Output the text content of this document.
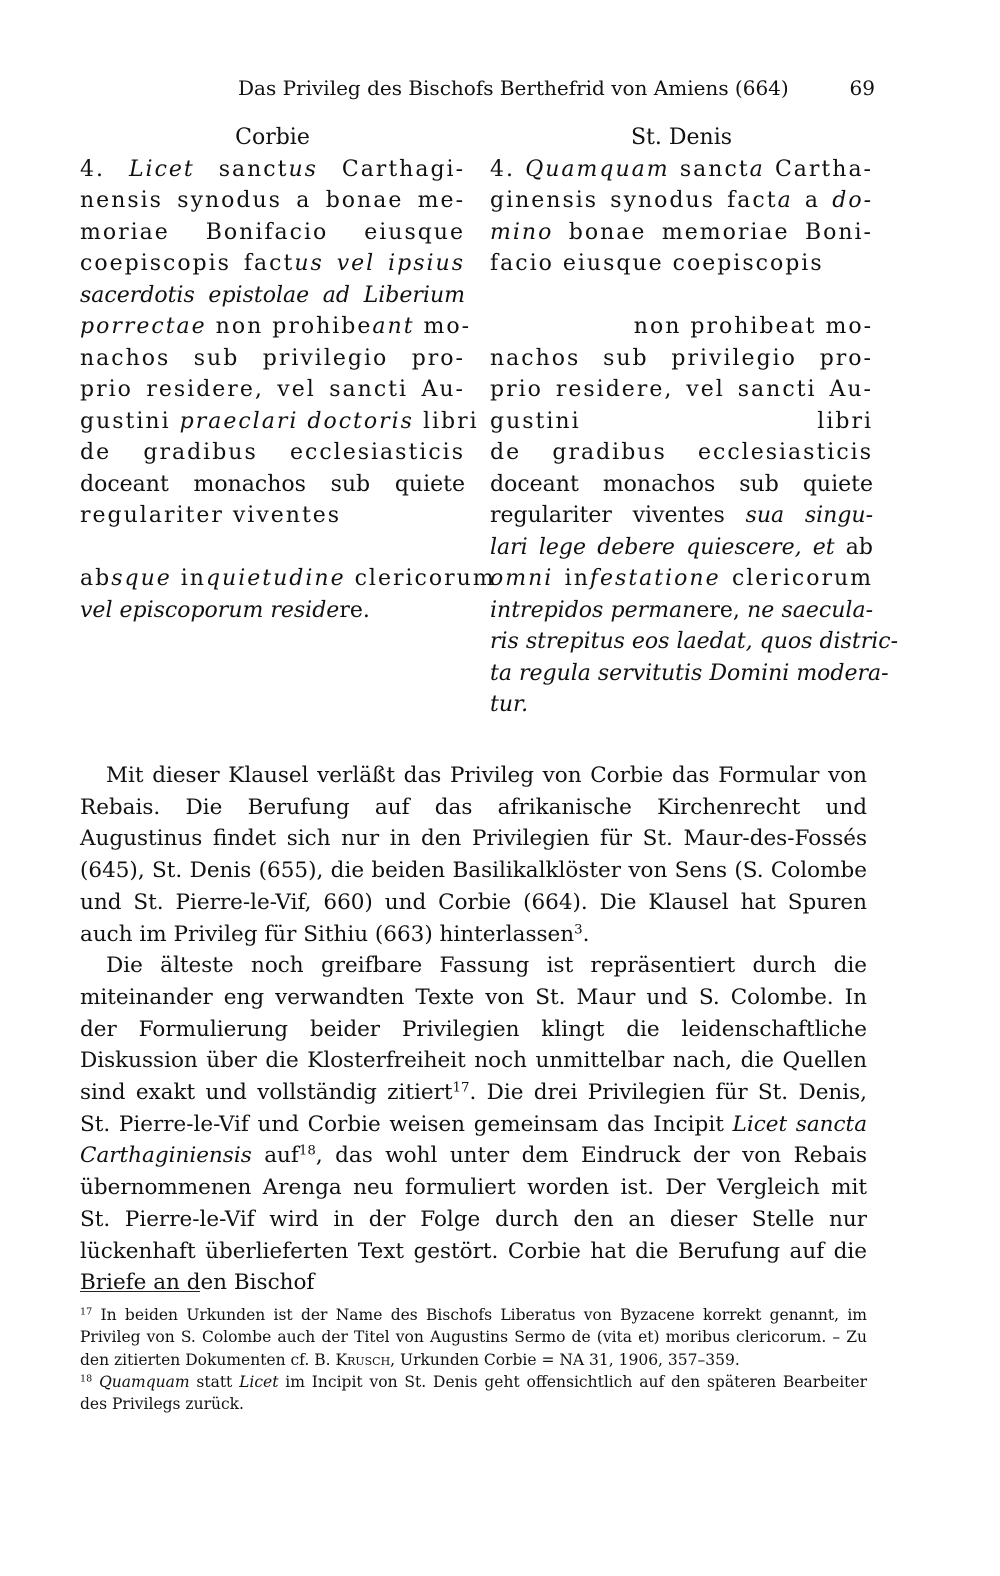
Das Privileg des Bischofs Berthefrid von Amiens (664)	69
Corbie
4. Licet sanctus Carthagi-
nensis synodus a bonae me-
moriae Bonifacio eiusque
coepiscopis factus vel ipsius
sacerdotis epistolae ad Liberium
porrectae non prohibeant mo-
nachos sub privilegio pro-
prio residere, vel sancti Au-
gustini praeclari doctoris libri
de gradibus ecclesiasticis
doceant monachos sub quiete
regulariter viventes
absque inquietudine clericorum
vel episcoporum residere.
St. Denis
4. Quamquam sancta Cartha-
ginensis synodus facta a do-
mino bonae memoriae Boni-
facio eiusque coepiscopis
non prohibeat mo-
nachos sub privilegio pro-
prio residere, vel sancti Au-
gustini libri
de gradibus ecclesiasticis
doceant monachos sub quiete
regulariter viventes sua singu-
lari lege debere quiescere, et ab
omni infestatione clericorum
intrepidos permanere, ne saecula-
ris strepitus eos laedat, quos distric-
ta regula servitutis Domini modera-
tur.

Mit dieser Klausel verläßt das Privileg von Corbie das Formular von Rebais. Die Berufung auf das afrikanische Kirchenrecht und Augustinus findet sich nur in den Privilegien für St. Maur-des-Fossés (645), St. Denis (655), die beiden Basilikalklöster von Sens (S. Colombe und St. Pierre-le-Vif, 660) und Corbie (664). Die Klausel hat Spuren auch im Privileg für Sithiu (663) hinterlassen$^3$.

Die älteste noch greifbare Fassung ist repräsentiert durch die miteinander eng verwandten Texte von St. Maur und S. Colombe. In der Formulierung beider Privilegien klingt die leidenschaftliche Diskussion über die Klosterfreiheit noch unmittelbar nach, die Quellen sind exakt und vollständig zitiert$^{17}$. Die drei Privilegien für St. Denis, St. Pierre-le-Vif und Corbie weisen gemeinsam das Incipit Licet sancta Carthaginiensis auf$^{18}$, das wohl unter dem Eindruck der von Rebais übernommenen Arenga neu formuliert worden ist. Der Vergleich mit St. Pierre-le-Vif wird in der Folge durch den an dieser Stelle nur lückenhaft überlieferten Text gestört. Corbie hat die Berufung auf die Briefe an den Bischof

$^{17}$ In beiden Urkunden ist der Name des Bischofs Liberatus von Byzacene korrekt genannt, im Privileg von S. Colombe auch der Titel von Augustins Sermo de (vita et) moribus clericorum. – Zu den zitierten Dokumenten cf. B. Krusch, Urkunden Corbie = NA 31, 1906, 357–359.

$^{18}$ Quamquam statt Licet im Incipit von St. Denis geht offensichtlich auf den späteren Bearbeiter des Privilegs zurück.
